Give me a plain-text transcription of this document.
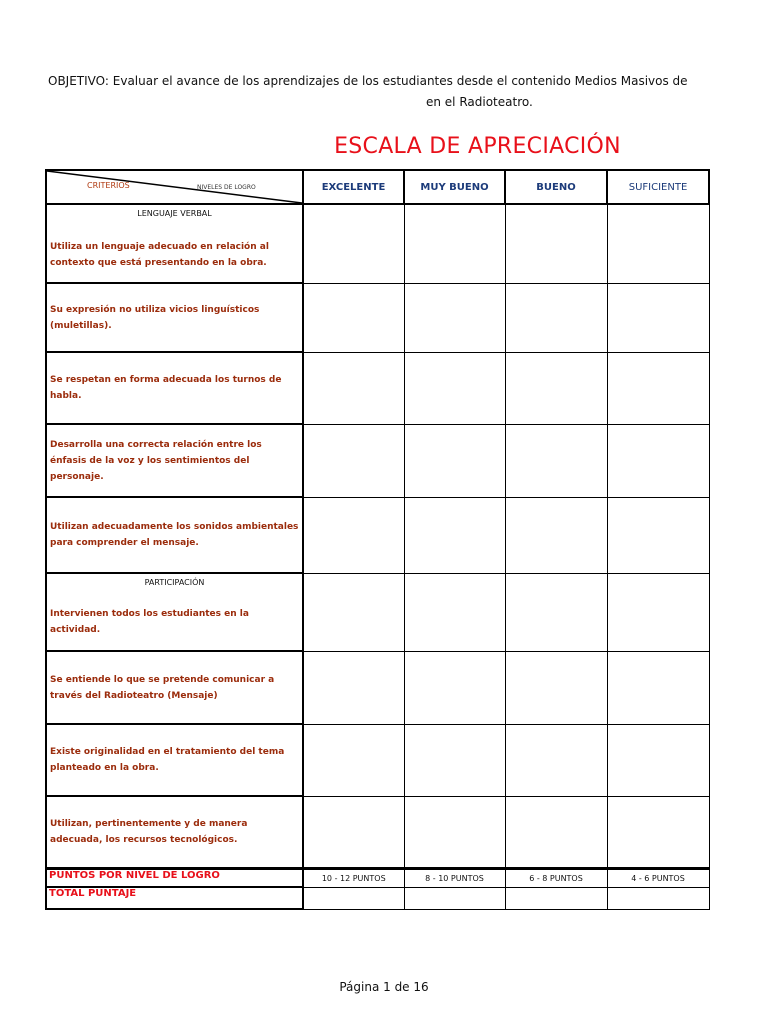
OBJETIVO: Evaluar el avance de los aprendizajes de los estudiantes desde el contenido Medios Masivos de
en el Radioteatro.
ESCALA DE APRECIACIÓN
CRITERIOS NIVELES DE LOGRO	EXCELENTE	MUY BUENO	BUENO	SUFICIENTE

LENGUAJE VERBAL
Utiliza un lenguaje adecuado en relación al contexto que está presentando en la obra.				

Su expresión no utiliza vicios linguísticos (muletillas).				
Se respetan en forma adecuada los turnos de habla.				
Desarrolla una correcta relación entre los énfasis de la voz y los sentimientos del personaje.				
Utilizan adecuadamente los sonidos ambientales para comprender el mensaje.				

PARTICIPACIÓN
Intervienen todos los estudiantes en la actividad.				

Se entiende lo que se pretende comunicar a través del Radioteatro (Mensaje)				
Existe originalidad en el tratamiento del tema planteado en la obra.				
Utilizan, pertinentemente y de manera adecuada, los recursos tecnológicos.				
PUNTOS POR NIVEL DE LOGRO	10 - 12 PUNTOS	8 - 10 PUNTOS	6 - 8 PUNTOS	4 - 6 PUNTOS
TOTAL PUNTAJE				
Página 1 de 16
